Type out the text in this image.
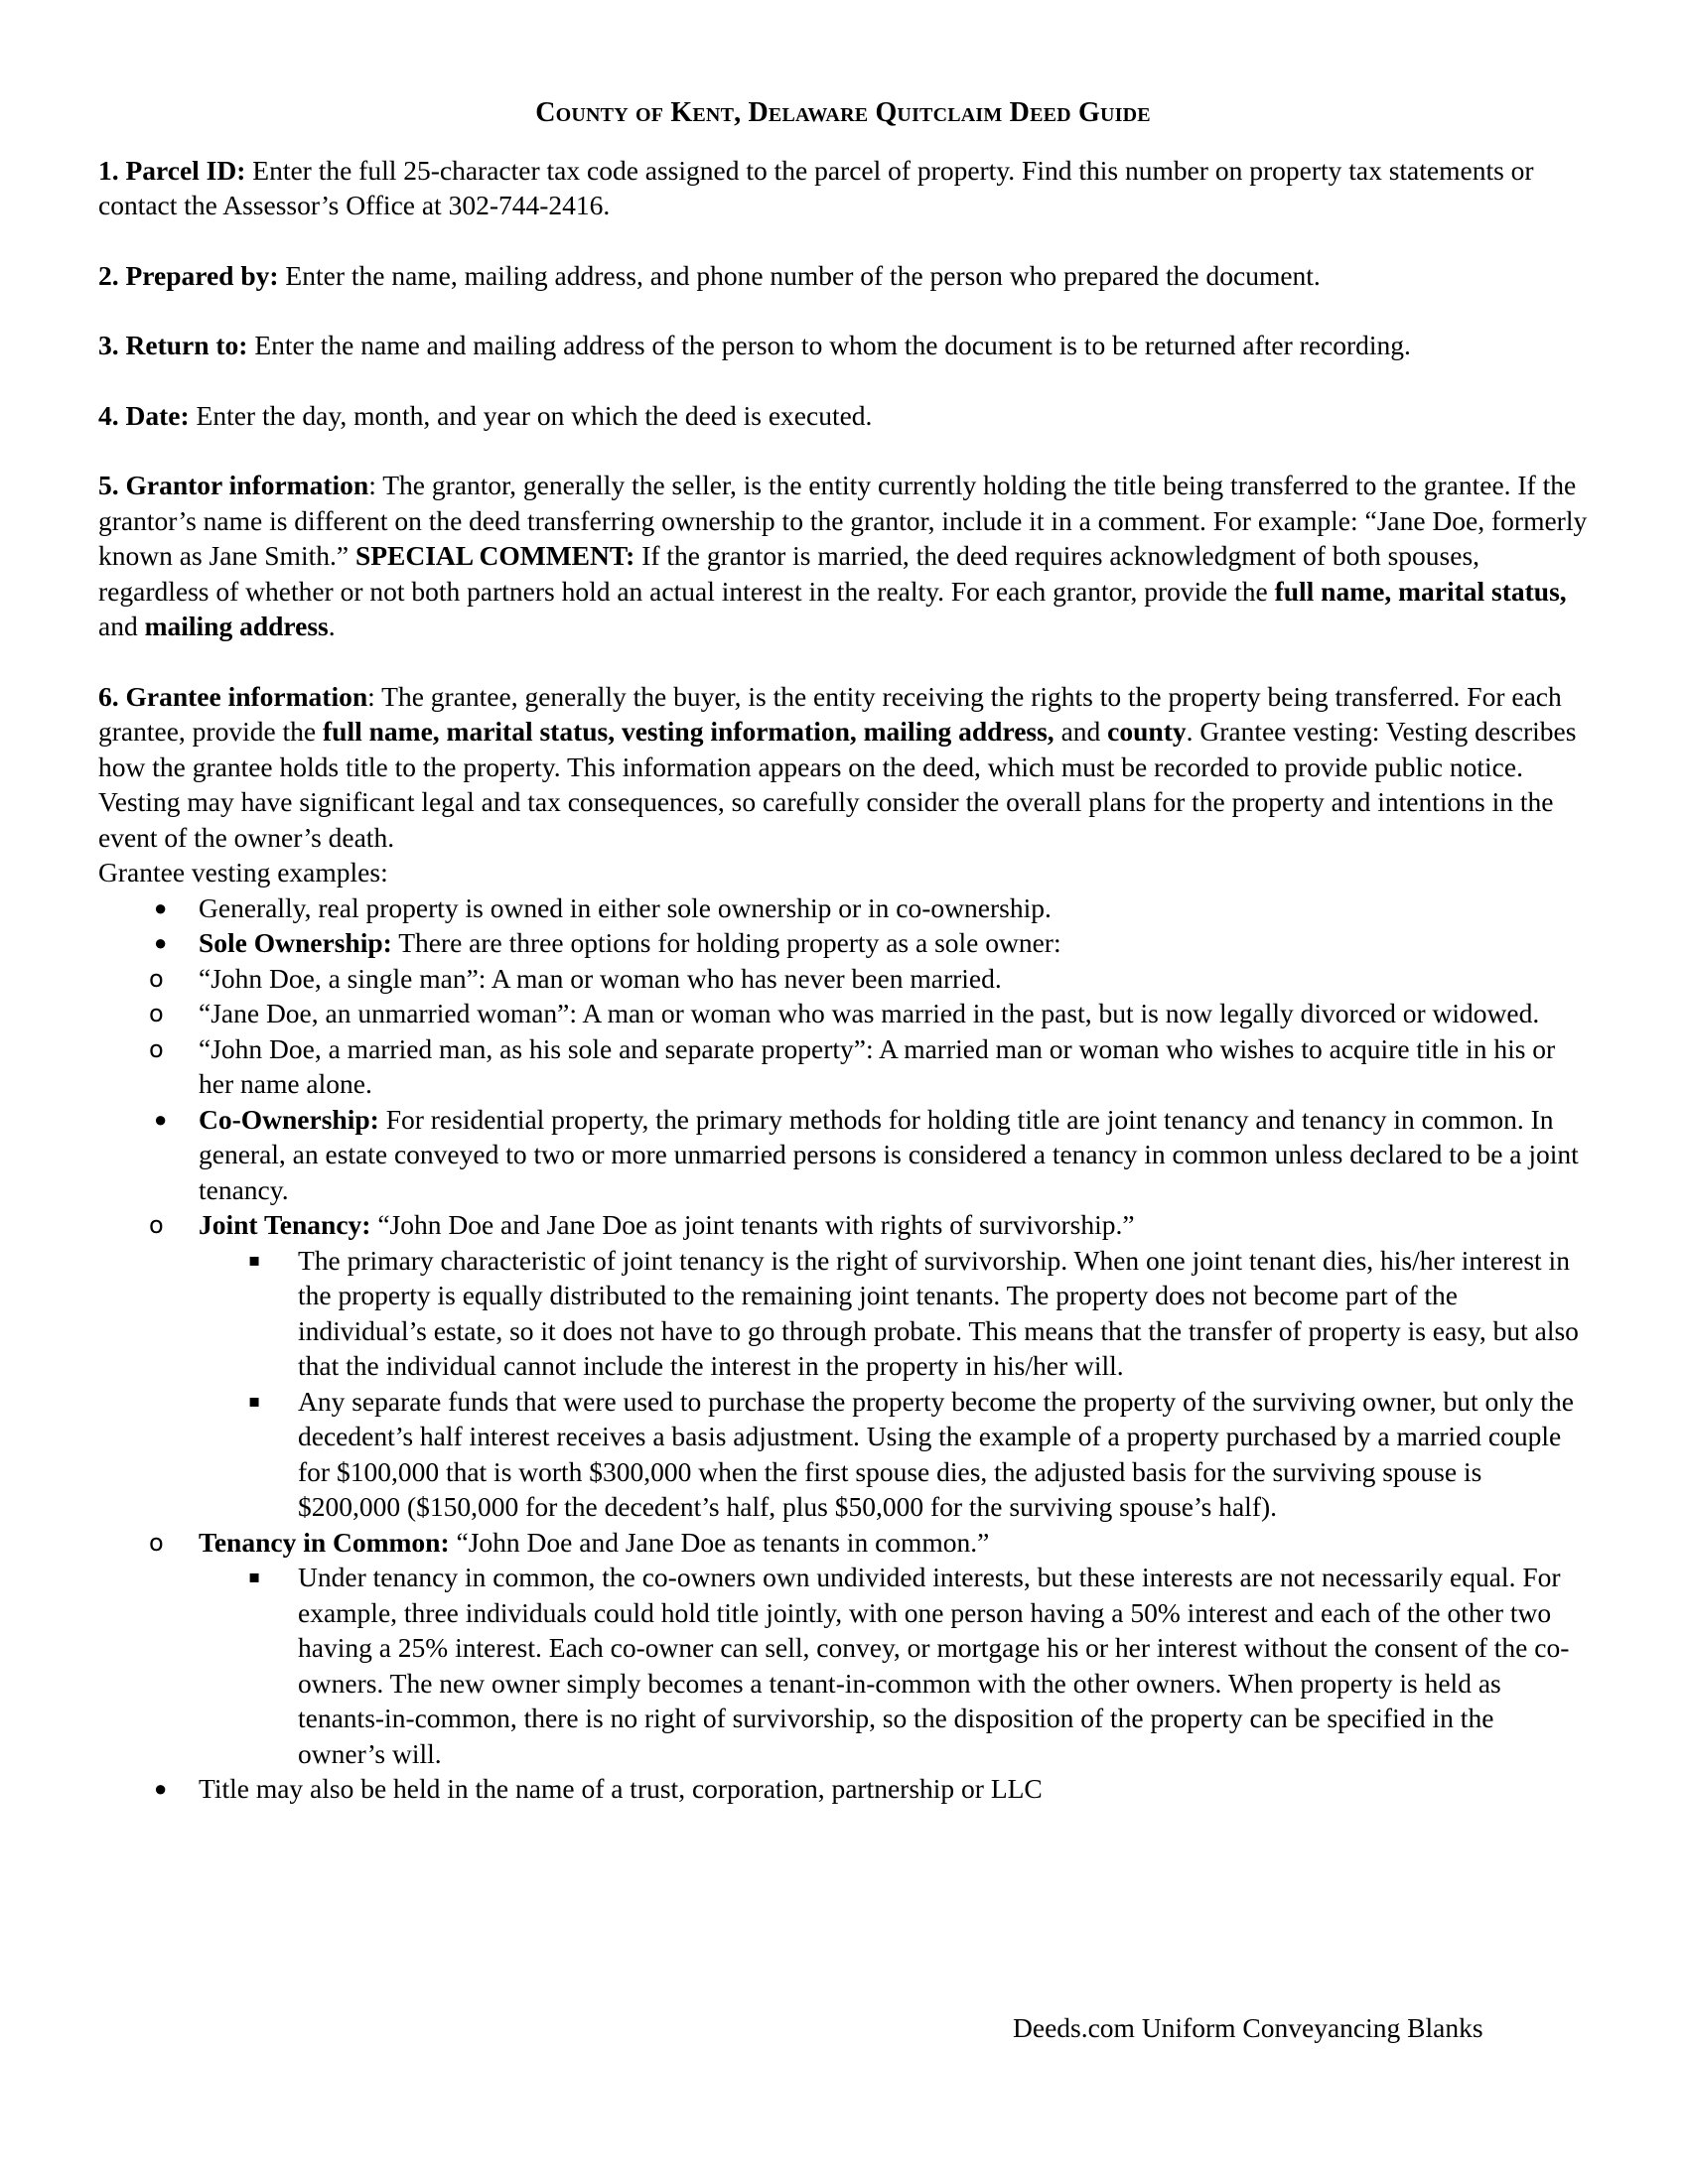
County of Kent, Delaware Quitclaim Deed Guide

1. Parcel ID: Enter the full 25-character tax code assigned to the parcel of property. Find this number on property tax statements or contact the Assessor’s Office at 302-744-2416.

2. Prepared by: Enter the name, mailing address, and phone number of the person who prepared the document.

3. Return to: Enter the name and mailing address of the person to whom the document is to be returned after recording.

4. Date: Enter the day, month, and year on which the deed is executed.

5. Grantor information: The grantor, generally the seller, is the entity currently holding the title being transferred to the grantee. If the grantor’s name is different on the deed transferring ownership to the grantor, include it in a comment. For example: “Jane Doe, formerly known as Jane Smith.” SPECIAL COMMENT: If the grantor is married, the deed requires acknowledgment of both spouses, regardless of whether or not both partners hold an actual interest in the realty. For each grantor, provide the full name, marital status, and mailing address.

6. Grantee information: The grantee, generally the buyer, is the entity receiving the rights to the property being transferred. For each grantee, provide the full name, marital status, vesting information, mailing address, and county. Grantee vesting: Vesting describes how the grantee holds title to the property. This information appears on the deed, which must be recorded to provide public notice. Vesting may have significant legal and tax consequences, so carefully consider the overall plans for the property and intentions in the event of the owner’s death.

Grantee vesting examples:
● Generally, real property is owned in either sole ownership or in co-ownership.
● Sole Ownership: There are three options for holding property as a sole owner:
o “John Doe, a single man”: A man or woman who has never been married.
o “Jane Doe, an unmarried woman”: A man or woman who was married in the past, but is now legally divorced or widowed.
o “John Doe, a married man, as his sole and separate property”: A married man or woman who wishes to acquire title in his or her name alone.
● Co-Ownership: For residential property, the primary methods for holding title are joint tenancy and tenancy in common. In general, an estate conveyed to two or more unmarried persons is considered a tenancy in common unless declared to be a joint tenancy.
o Joint Tenancy: “John Doe and Jane Doe as joint tenants with rights of survivorship.”
▪ The primary characteristic of joint tenancy is the right of survivorship. When one joint tenant dies, his/her interest in the property is equally distributed to the remaining joint tenants. The property does not become part of the individual’s estate, so it does not have to go through probate. This means that the transfer of property is easy, but also that the individual cannot include the interest in the property in his/her will.
▪ Any separate funds that were used to purchase the property become the property of the surviving owner, but only the decedent’s half interest receives a basis adjustment. Using the example of a property purchased by a married couple for $100,000 that is worth $300,000 when the first spouse dies, the adjusted basis for the surviving spouse is $200,000 ($150,000 for the decedent’s half, plus $50,000 for the surviving spouse’s half).
o Tenancy in Common: “John Doe and Jane Doe as tenants in common.”
▪ Under tenancy in common, the co-owners own undivided interests, but these interests are not necessarily equal. For example, three individuals could hold title jointly, with one person having a 50% interest and each of the other two having a 25% interest. Each co-owner can sell, convey, or mortgage his or her interest without the consent of the co-owners. The new owner simply becomes a tenant-in-common with the other owners. When property is held as tenants-in-common, there is no right of survivorship, so the disposition of the property can be specified in the owner’s will.
● Title may also be held in the name of a trust, corporation, partnership or LLC
Deeds.com Uniform Conveyancing Blanks
